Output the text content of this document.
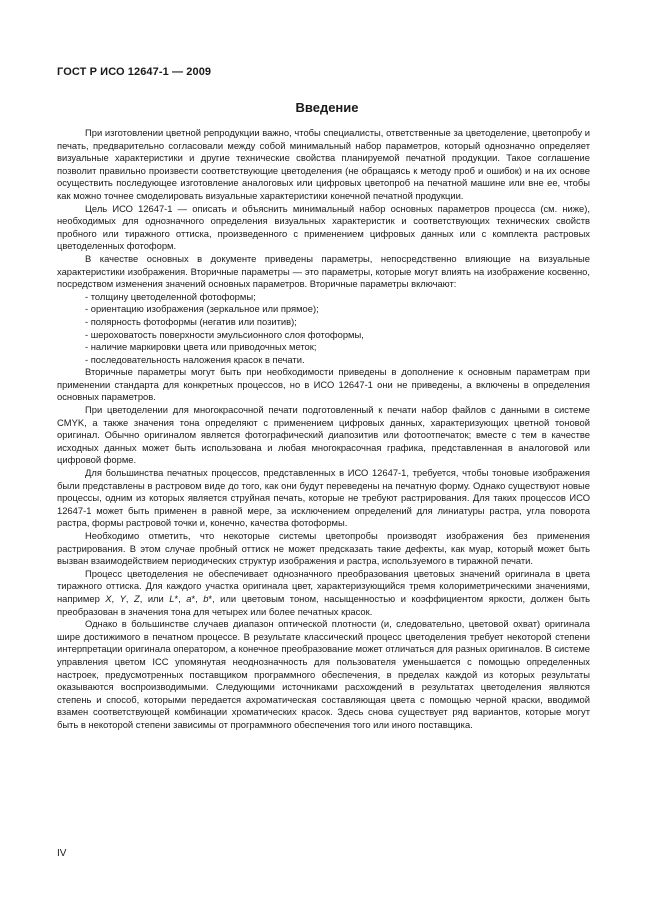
ГОСТ Р ИСО 12647-1 — 2009
Введение

При изготовлении цветной репродукции важно, чтобы специалисты, ответственные за цветоделение, цветопробу и печать, предварительно согласовали между собой минимальный набор параметров, который однозначно определяет визуальные характеристики и другие технические свойства планируемой печатной продукции. Такое соглашение позволит правильно произвести соответствующие цветоделения (не обращаясь к методу проб и ошибок) и на их основе осуществить последующее изготовление аналоговых или цифровых цветопроб на печатной машине или вне ее, чтобы как можно точнее смоделировать визуальные характеристики конечной печатной продукции.

Цель ИСО 12647-1 — описать и объяснить минимальный набор основных параметров процесса (см. ниже), необходимых для однозначного определения визуальных характеристик и соответствующих технических свойств пробного или тиражного оттиска, произведенного с применением цифровых данных или с комплекта растровых цветоделенных фотоформ.

В качестве основных в документе приведены параметры, непосредственно влияющие на визуальные характеристики изображения. Вторичные параметры — это параметры, которые могут влиять на изображение косвенно, посредством изменения значений основных параметров. Вторичные параметры включают:

- толщину цветоделенной фотоформы;
- ориентацию изображения (зеркальное или прямое);
- полярность фотоформы (негатив или позитив);
- шероховатость поверхности эмульсионного слоя фотоформы,
- наличие маркировки цвета или приводочных меток;
- последовательность наложения красок в печати.

Вторичные параметры могут быть при необходимости приведены в дополнение к основным параметрам при применении стандарта для конкретных процессов, но в ИСО 12647-1 они не приведены, а включены в определения основных параметров.

При цветоделении для многокрасочной печати подготовленный к печати набор файлов с данными в системе CMYK, а также значения тона определяют с применением цифровых данных, характеризующих цветной тоновой оригинал. Обычно оригиналом является фотографический диапозитив или фотоотпечаток; вместе с тем в качестве исходных данных может быть использована и любая многокрасочная графика, представленная в аналоговой или цифровой форме.

Для большинства печатных процессов, представленных в ИСО 12647-1, требуется, чтобы тоновые изображения были представлены в растровом виде до того, как они будут переведены на печатную форму. Однако существуют новые процессы, одним из которых является струйная печать, которые не требуют растрирования. Для таких процессов ИСО 12647-1 может быть применен в равной мере, за исключением определений для линиатуры растра, угла поворота растра, формы растровой точки и, конечно, качества фотоформы.

Необходимо отметить, что некоторые системы цветопробы производят изображения без применения растрирования. В этом случае пробный оттиск не может предсказать такие дефекты, как муар, который может быть вызван взаимодействием периодических структур изображения и растра, используемого в тиражной печати.

Процесс цветоделения не обеспечивает однозначного преобразования цветовых значений оригинала в цвета тиражного оттиска. Для каждого участка оригинала цвет, характеризующийся тремя колориметрическими значениями, например X, Y, Z, или L*, a*, b*, или цветовым тоном, насыщенностью и коэффициентом яркости, должен быть преобразован в значения тона для четырех или более печатных красок.

Однако в большинстве случаев диапазон оптической плотности (и, следовательно, цветовой охват) оригинала шире достижимого в печатном процессе. В результате классический процесс цветоделения требует некоторой степени интерпретации оригинала оператором, а конечное преобразование может отличаться для разных оригиналов. В системе управления цветом ICC упомянутая неоднозначность для пользователя уменьшается с помощью определенных настроек, предусмотренных поставщиком программного обеспечения, в пределах каждой из которых результаты оказываются воспроизводимыми. Следующими источниками расхождений в результатах цветоделения являются степень и способ, которыми передается ахроматическая составляющая цвета с помощью черной краски, вводимой взамен соответствующей комбинации хроматических красок. Здесь снова существует ряд вариантов, которые могут быть в некоторой степени зависимы от программного обеспечения того или иного поставщика.

IV
